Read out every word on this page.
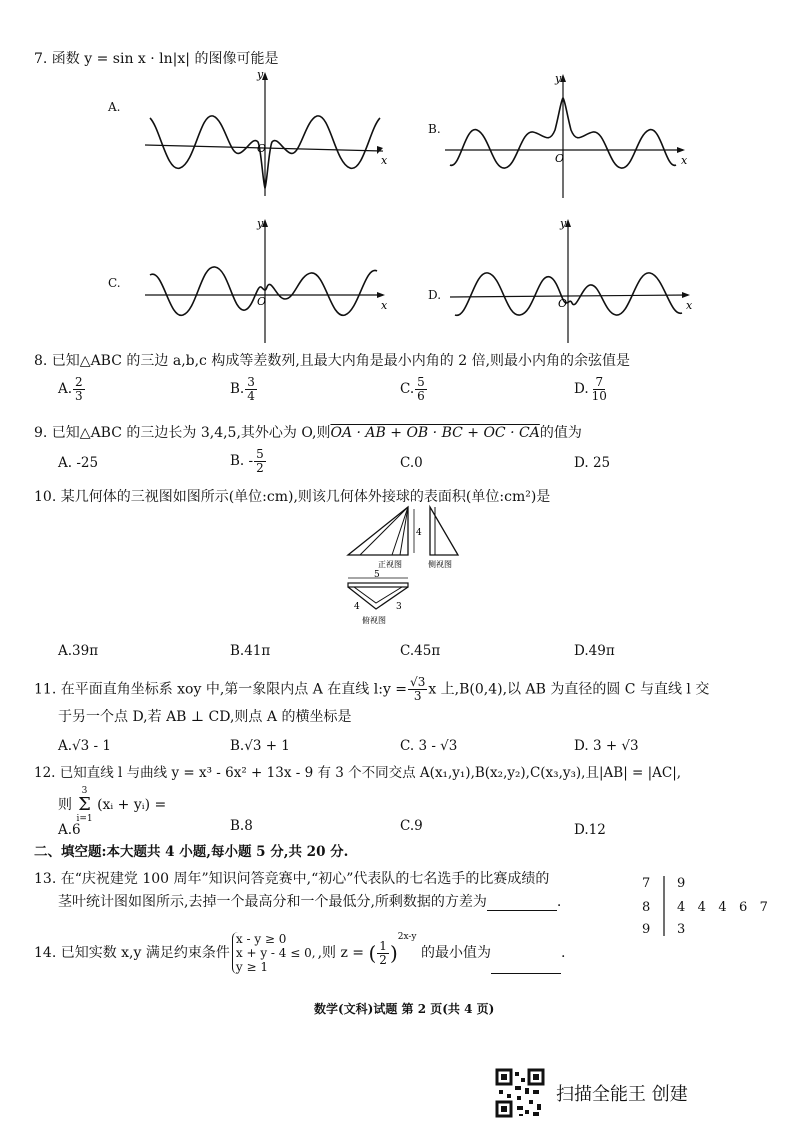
7. 函数 y = sin x · ln|x| 的图像可能是
A.
O
x
y
B.
O	x
y
C.
O	x
y
D.
O	x
y
8. 已知△ABC 的三边 a,b,c 构成等差数列,且最大内角是最小内角的 2 倍,则最小内角的余弦值是
A. $\frac{2}{3}$	B. $\frac{3}{4}$	C. $\frac{5}{6}$	D. $\frac{7}{10}$
9. 已知△ABC 的三边长为 3,4,5,其外心为 O,则OA · AB + OB · BC + OC · CA的值为
A. -25	B. - $\frac{5}{2}$	C.0	D. 25
10. 某几何体的三视图如图所示(单位:cm),则该几何体外接球的表面积(单位:cm²)是
4
正视图	侧视图
5
4	3
俯视图
A.39π	B.41π	C.45π	D.49π
11. 在平面直角坐标系 xoy 中,第一象限内点 A 在直线 l:y = $\frac{√3}{3}$ x 上,B(0,4),以 AB 为直径的圆 C 与直线 l 交
于另一个点 D,若 AB ⊥ CD,则点 A 的横坐标是
A.√3 - 1	B.√3 + 1	C. 3 - √3	D. 3 + √3
12. 已知直线 l 与曲线 y = x³ - 6x² + 13x - 9 有 3 个不同交点 A(x₁,y₁),B(x₂,y₂),C(x₃,y₃),且|AB| = |AC|,
则
3
Σ
i=1
(xᵢ + yᵢ) =
A.6	B.8	C.9	D.12
二、填空题:本大题共 4 小题,每小题 5 分,共 20 分.
13. 在“庆祝建党 100 周年”知识问答竞赛中,“初心”代表队的七名选手的比赛成绩的
茎叶统计图如图所示,去掉一个最高分和一个最低分,所剩数据的方差为	.
7 9
8 4   4   4   6   7
9 3
14. 已知实数 x,y 满足约束条件
x - y ≥ 0
x + y - 4 ≤ 0,
y ≥ 1
,则 z = ( $\frac{1}{2} )^{2x-y}$ 的最小值为	.
数学(文科)试题 第 2 页(共 4 页)
扫描全能王 创建
